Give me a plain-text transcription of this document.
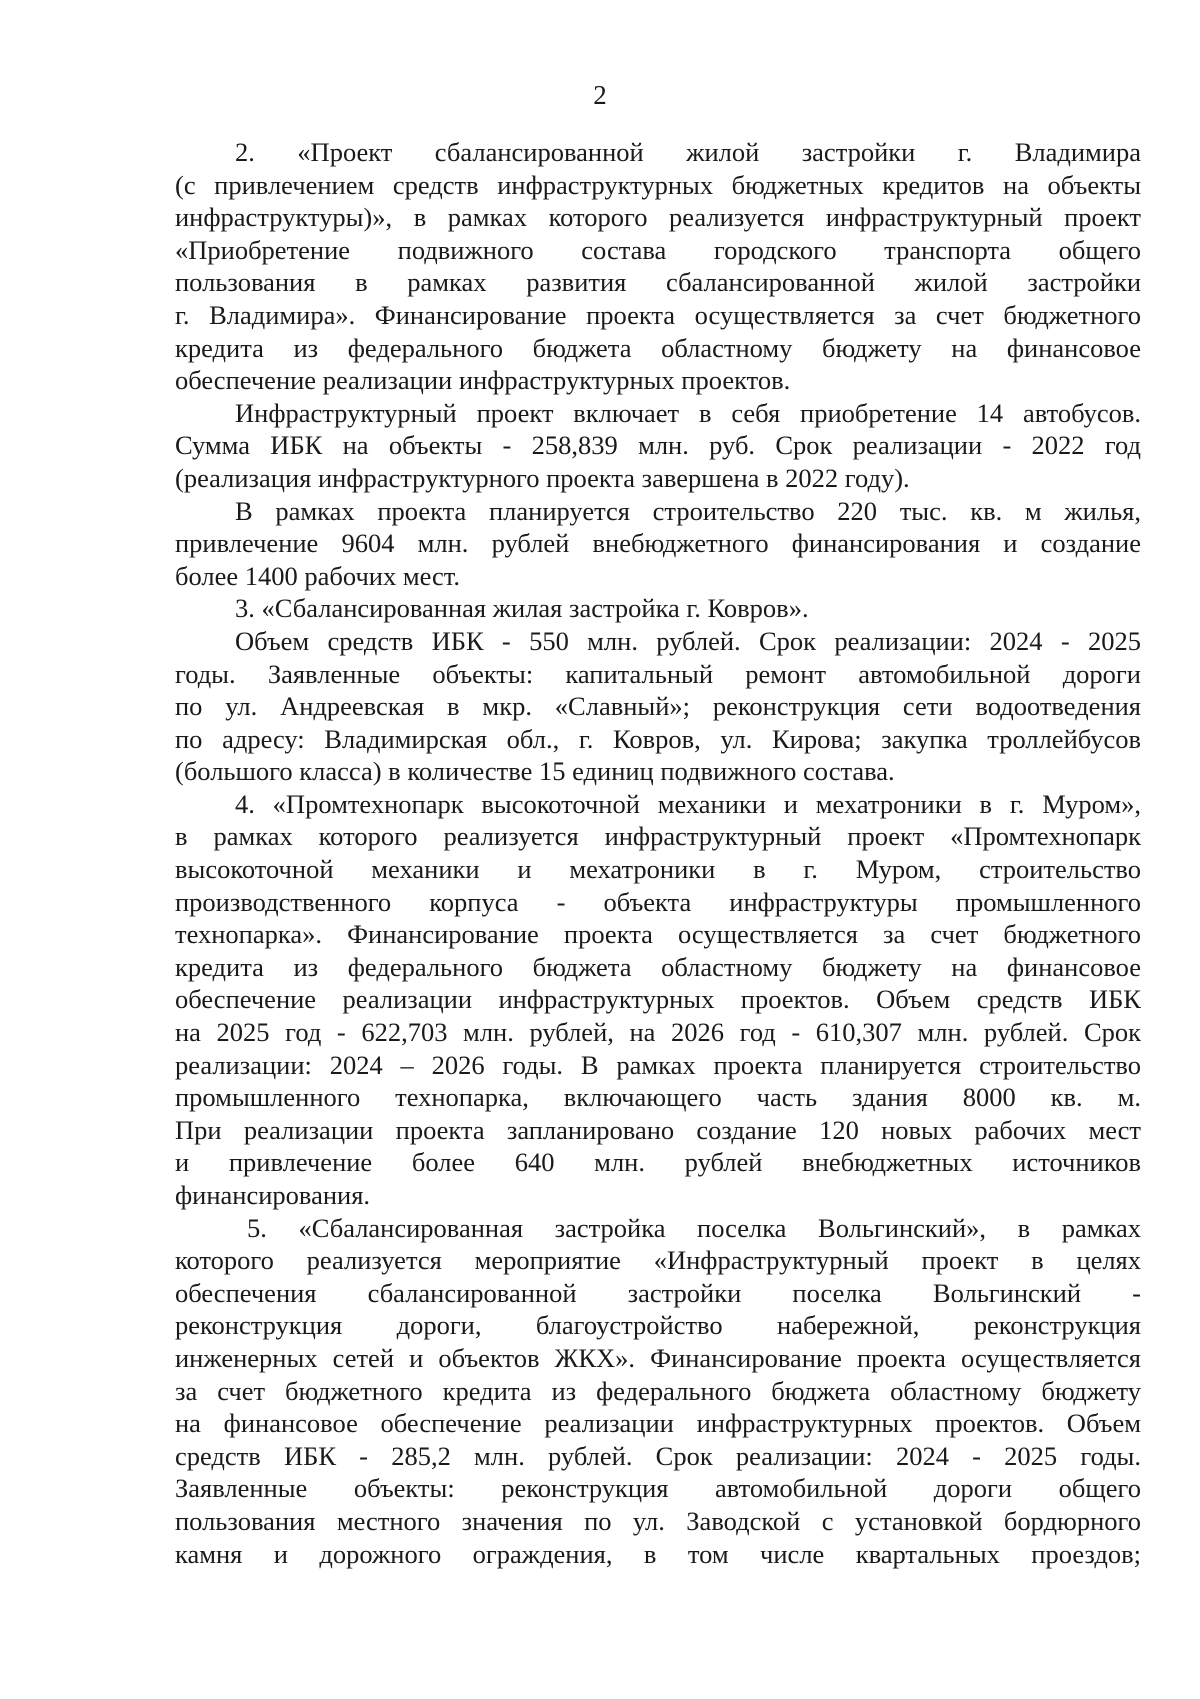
2
2. «Проект сбалансированной жилой застройки г. Владимира
(с привлечением средств инфраструктурных бюджетных кредитов на объекты
инфраструктуры)», в рамках которого реализуется инфраструктурный проект
«Приобретение подвижного состава городского транспорта общего
пользования в рамках развития сбалансированной жилой застройки
г. Владимира». Финансирование проекта осуществляется за счет бюджетного
кредита из федерального бюджета областному бюджету на финансовое
обеспечение реализации инфраструктурных проектов.
Инфраструктурный проект включает в себя приобретение 14 автобусов.
Сумма ИБК на объекты - 258,839 млн. руб. Срок реализации - 2022 год
(реализация инфраструктурного проекта завершена в 2022 году).
В рамках проекта планируется строительство 220 тыс. кв. м жилья,
привлечение 9604 млн. рублей внебюджетного финансирования и создание
более 1400 рабочих мест.
3. «Сбалансированная жилая застройка г. Ковров».
Объем средств ИБК - 550 млн. рублей. Срок реализации: 2024 - 2025
годы. Заявленные объекты: капитальный ремонт автомобильной дороги
по ул. Андреевская в мкр. «Славный»; реконструкция сети водоотведения
по адресу: Владимирская обл., г. Ковров, ул. Кирова; закупка троллейбусов
(большого класса) в количестве 15 единиц подвижного состава.
4. «Промтехнопарк высокоточной механики и мехатроники в г. Муром»,
в рамках которого реализуется инфраструктурный проект «Промтехнопарк
высокоточной механики и мехатроники в г. Муром, строительство
производственного корпуса - объекта инфраструктуры промышленного
технопарка». Финансирование проекта осуществляется за счет бюджетного
кредита из федерального бюджета областному бюджету на финансовое
обеспечение реализации инфраструктурных проектов. Объем средств ИБК
на 2025 год - 622,703 млн. рублей, на 2026 год - 610,307 млн. рублей. Срок
реализации: 2024 – 2026 годы. В рамках проекта планируется строительство
промышленного технопарка, включающего часть здания 8000 кв. м.
При реализации проекта запланировано создание 120 новых рабочих мест
и привлечение более 640 млн. рублей внебюджетных источников
финансирования.
5. «Сбалансированная застройка поселка Вольгинский», в рамках
которого реализуется мероприятие «Инфраструктурный проект в целях
обеспечения сбалансированной застройки поселка Вольгинский -
реконструкция дороги, благоустройство набережной, реконструкция
инженерных сетей и объектов ЖКХ». Финансирование проекта осуществляется
за счет бюджетного кредита из федерального бюджета областному бюджету
на финансовое обеспечение реализации инфраструктурных проектов. Объем
средств ИБК - 285,2 млн. рублей. Срок реализации: 2024 - 2025 годы.
Заявленные объекты: реконструкция автомобильной дороги общего
пользования местного значения по ул. Заводской с установкой бордюрного
камня и дорожного ограждения, в том числе квартальных проездов;
